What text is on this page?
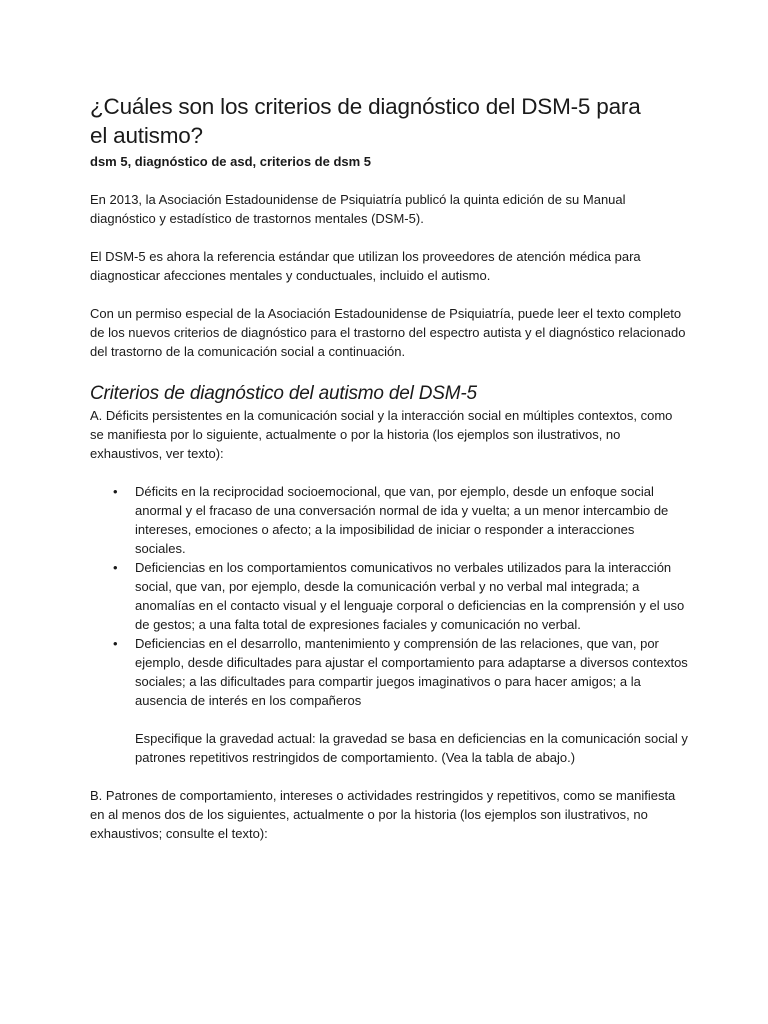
¿Cuáles son los criterios de diagnóstico del DSM-5 para el autismo?

dsm 5, diagnóstico de asd, criterios de dsm 5

En 2013, la Asociación Estadounidense de Psiquiatría publicó la quinta edición de su Manual diagnóstico y estadístico de trastornos mentales (DSM-5).

El DSM-5 es ahora la referencia estándar que utilizan los proveedores de atención médica para diagnosticar afecciones mentales y conductuales, incluido el autismo.

Con un permiso especial de la Asociación Estadounidense de Psiquiatría, puede leer el texto completo de los nuevos criterios de diagnóstico para el trastorno del espectro autista y el diagnóstico relacionado del trastorno de la comunicación social a continuación.

Criterios de diagnóstico del autismo del DSM-5

A. Déficits persistentes en la comunicación social y la interacción social en múltiples contextos, como se manifiesta por lo siguiente, actualmente o por la historia (los ejemplos son ilustrativos, no exhaustivos, ver texto):

• Déficits en la reciprocidad socioemocional, que van, por ejemplo, desde un enfoque social anormal y el fracaso de una conversación normal de ida y vuelta; a un menor intercambio de intereses, emociones o afecto; a la imposibilidad de iniciar o responder a interacciones sociales.
• Deficiencias en los comportamientos comunicativos no verbales utilizados para la interacción social, que van, por ejemplo, desde la comunicación verbal y no verbal mal integrada; a anomalías en el contacto visual y el lenguaje corporal o deficiencias en la comprensión y el uso de gestos; a una falta total de expresiones faciales y comunicación no verbal.
• Deficiencias en el desarrollo, mantenimiento y comprensión de las relaciones, que van, por ejemplo, desde dificultades para ajustar el comportamiento para adaptarse a diversos contextos sociales; a las dificultades para compartir juegos imaginativos o para hacer amigos; a la ausencia de interés en los compañeros

Especifique la gravedad actual: la gravedad se basa en deficiencias en la comunicación social y patrones repetitivos restringidos de comportamiento. (Vea la tabla de abajo.)

B. Patrones de comportamiento, intereses o actividades restringidos y repetitivos, como se manifiesta en al menos dos de los siguientes, actualmente o por la historia (los ejemplos son ilustrativos, no exhaustivos; consulte el texto):
